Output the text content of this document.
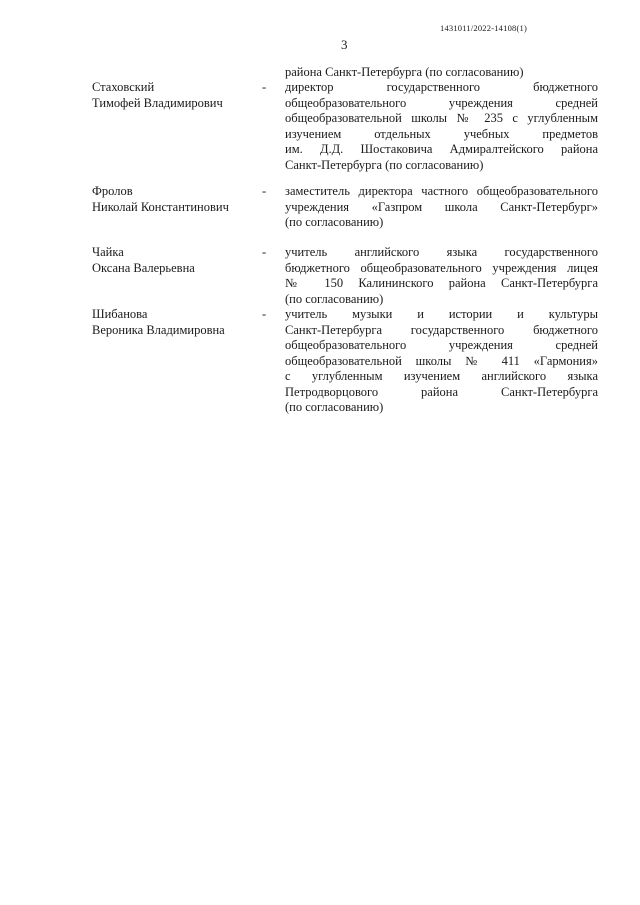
1431011/2022-14108(1)
3
района Санкт-Петербурга (по согласованию)
Стаховский
Тимофей Владимирович
- директор государственного бюджетного
общеобразовательного учреждения средней
общеобразовательной школы № 235 с углубленным
изучением отдельных учебных предметов
им. Д.Д. Шостаковича Адмиралтейского района
Санкт-Петербурга (по согласованию)
Фролов
Николай Константинович
- заместитель директора частного общеобразовательного
учреждения «Газпром школа Санкт-Петербург»
(по согласованию)
Чайка
Оксана Валерьевна
- учитель английского языка государственного
бюджетного общеобразовательного учреждения лицея
№ 150 Калининского района Санкт-Петербурга
(по согласованию)
Шибанова
Вероника Владимировна
- учитель музыки и истории и культуры
Санкт-Петербурга государственного бюджетного
общеобразовательного учреждения средней
общеобразовательной школы № 411 «Гармония»
с углубленным изучением английского языка
Петродворцового района Санкт-Петербурга
(по согласованию)
